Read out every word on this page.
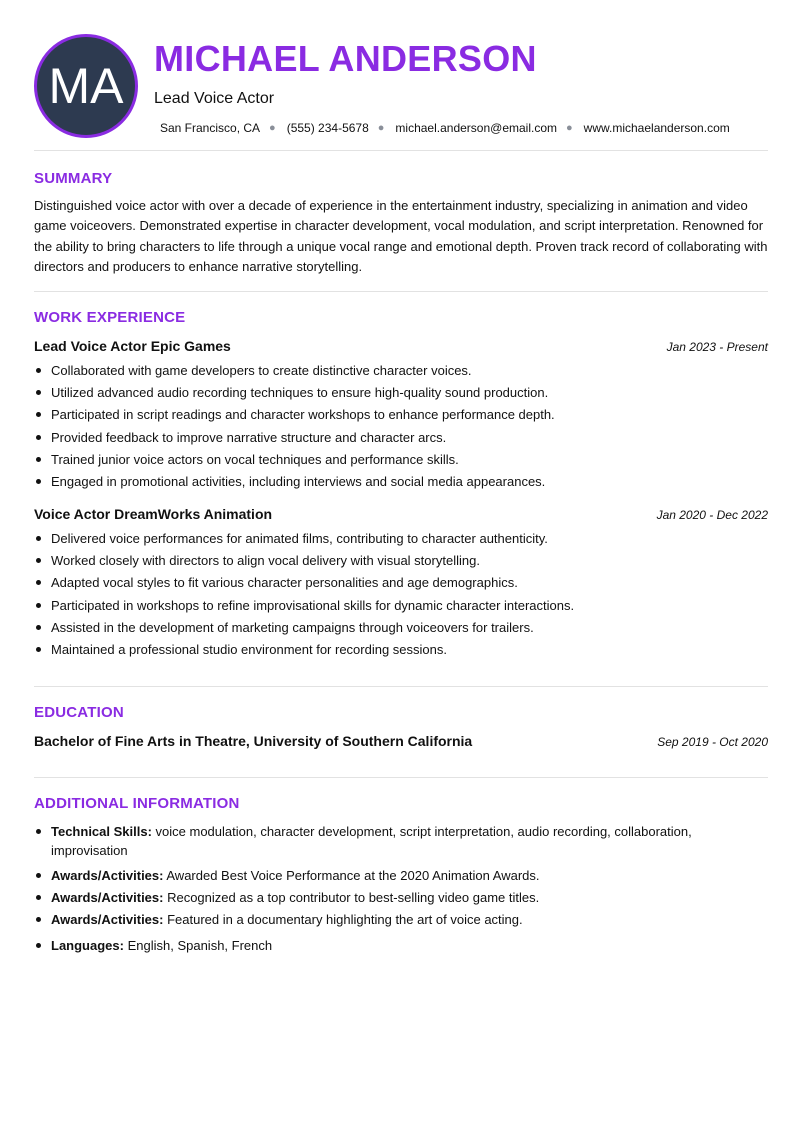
MA MICHAEL ANDERSON
Lead Voice Actor
San Francisco, CA ● (555) 234-5678 ● michael.anderson@email.com ● www.michaelanderson.com
SUMMARY
Distinguished voice actor with over a decade of experience in the entertainment industry, specializing in animation and video game voiceovers. Demonstrated expertise in character development, vocal modulation, and script interpretation. Renowned for the ability to bring characters to life through a unique vocal range and emotional depth. Proven track record of collaborating with directors and producers to enhance narrative storytelling.
WORK EXPERIENCE
Lead Voice Actor Epic Games	Jan 2023 - Present
Collaborated with game developers to create distinctive character voices.
Utilized advanced audio recording techniques to ensure high-quality sound production.
Participated in script readings and character workshops to enhance performance depth.
Provided feedback to improve narrative structure and character arcs.
Trained junior voice actors on vocal techniques and performance skills.
Engaged in promotional activities, including interviews and social media appearances.
Voice Actor DreamWorks Animation	Jan 2020 - Dec 2022
Delivered voice performances for animated films, contributing to character authenticity.
Worked closely with directors to align vocal delivery with visual storytelling.
Adapted vocal styles to fit various character personalities and age demographics.
Participated in workshops to refine improvisational skills for dynamic character interactions.
Assisted in the development of marketing campaigns through voiceovers for trailers.
Maintained a professional studio environment for recording sessions.
EDUCATION
Bachelor of Fine Arts in Theatre, University of Southern California	Sep 2019 - Oct 2020
ADDITIONAL INFORMATION
Technical Skills: voice modulation, character development, script interpretation, audio recording, collaboration, improvisation
Awards/Activities: Awarded Best Voice Performance at the 2020 Animation Awards.
Awards/Activities: Recognized as a top contributor to best-selling video game titles.
Awards/Activities: Featured in a documentary highlighting the art of voice acting.
Languages: English, Spanish, French
